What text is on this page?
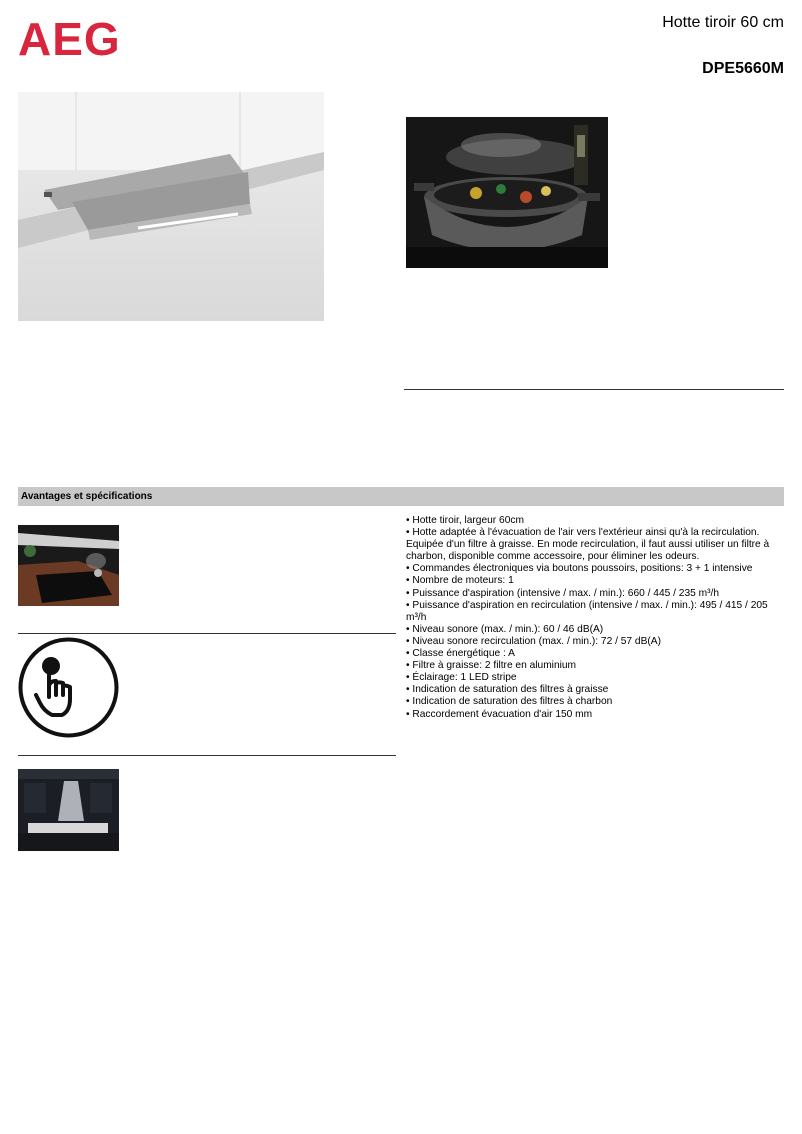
AEG	Hotte tiroir 60 cm
DPE5660M
Avantages et spécifications
• Hotte tiroir, largeur 60cm
• Hotte adaptée à l'évacuation de l'air vers l'extérieur ainsi qu'à la recirculation. Equipée d'un filtre à graisse. En mode recirculation, il faut aussi utiliser un filtre à charbon, disponible comme accessoire, pour éliminer les odeurs.
• Commandes électroniques via boutons poussoirs, positions: 3 + 1 intensive
• Nombre de moteurs: 1
• Puissance d'aspiration (intensive / max. / min.): 660 / 445 / 235 m³/h
• Puissance d'aspiration en recirculation (intensive / max. / min.): 495 / 415 / 205 m³/h
• Niveau sonore (max. / min.): 60 / 46 dB(A)
• Niveau sonore recirculation (max. / min.): 72 / 57 dB(A)
• Classe énergétique : A
• Filtre à graisse: 2 filtre en aluminium
• Éclairage: 1 LED stripe
• Indication de saturation des filtres à graisse
• Indication de saturation des filtres à charbon
• Raccordement évacuation d'air 150 mm
